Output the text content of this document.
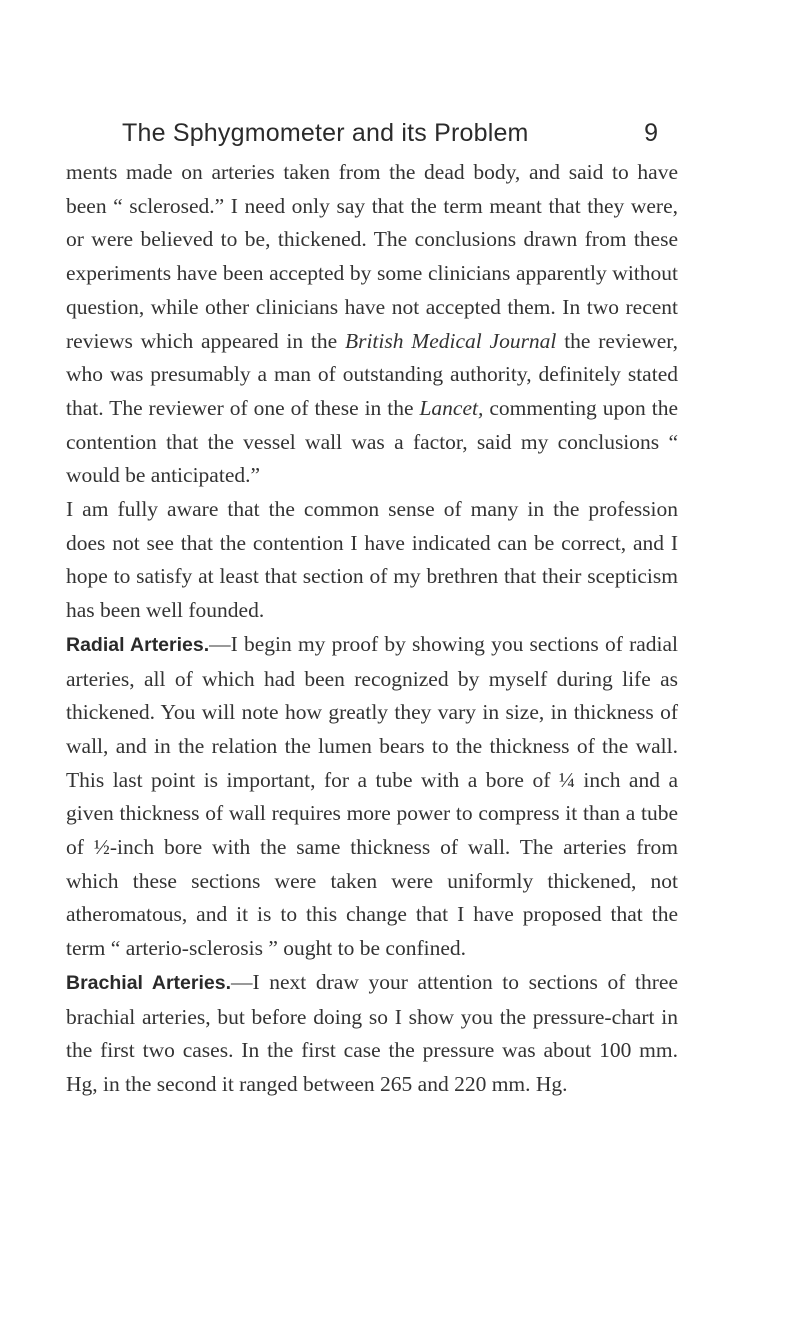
The Sphygmometer and its Problem	9

ments made on arteries taken from the dead body, and said to have been “ sclerosed.” I need only say that the term meant that they were, or were believed to be, thickened. The conclusions drawn from these experiments have been accepted by some clinicians apparently without question, while other clinicians have not accepted them. In two recent reviews which appeared in the British Medical Journal the reviewer, who was presumably a man of outstanding authority, definitely stated that. The reviewer of one of these in the Lancet, commenting upon the contention that the vessel wall was a factor, said my conclusions “ would be anticipated.”

I am fully aware that the common sense of many in the profession does not see that the contention I have indicated can be correct, and I hope to satisfy at least that section of my brethren that their scepticism has been well founded.

Radial Arteries.—I begin my proof by showing you sections of radial arteries, all of which had been recognized by myself during life as thickened. You will note how greatly they vary in size, in thickness of wall, and in the relation the lumen bears to the thickness of the wall. This last point is important, for a tube with a bore of ¼ inch and a given thickness of wall requires more power to compress it than a tube of ½-inch bore with the same thickness of wall. The arteries from which these sections were taken were uniformly thickened, not atheromatous, and it is to this change that I have proposed that the term “ arterio-sclerosis ” ought to be confined.

Brachial Arteries.—I next draw your attention to sections of three brachial arteries, but before doing so I show you the pressure-chart in the first two cases. In the first case the pressure was about 100 mm. Hg, in the second it ranged between 265 and 220 mm. Hg.
